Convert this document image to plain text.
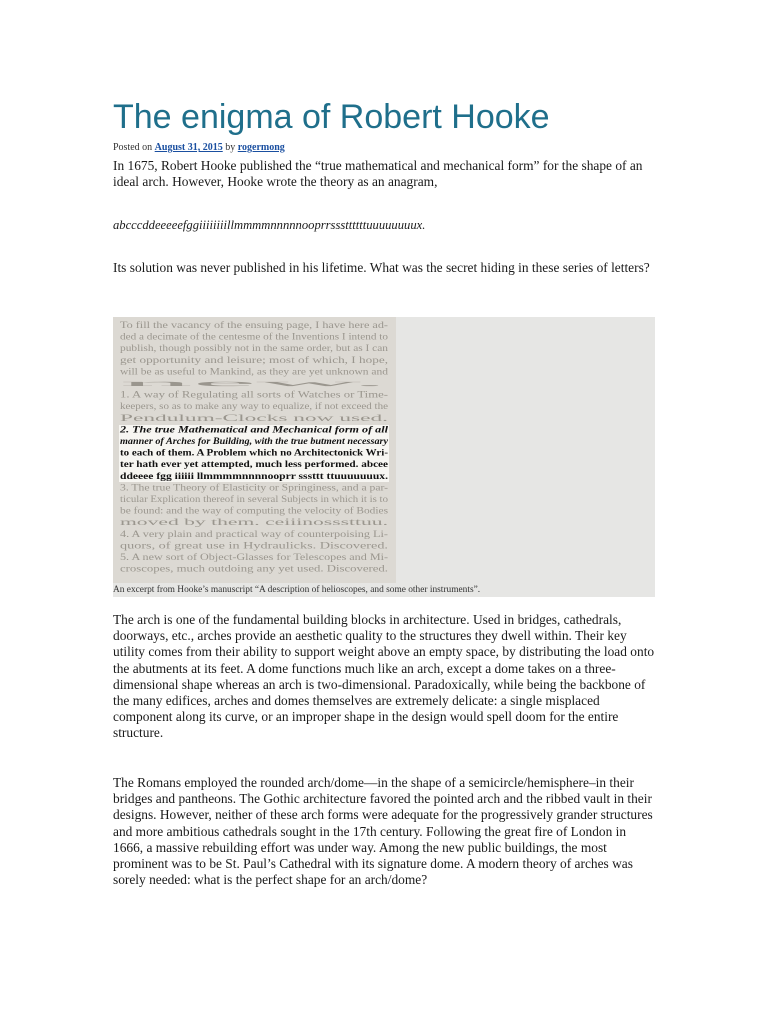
The enigma of Robert Hooke
Posted on August 31, 2015 by rogermong

In 1675, Robert Hooke published the “true mathematical and mechanical form” for the shape of an ideal arch. However, Hooke wrote the theory as an anagram,

abcccddeeeeefggiiiiiiiillmmmmnnnnnooprrsssttttttuuuuuuuux.

Its solution was never published in his lifetime. What was the secret hiding in these series of letters?

To fill the vacancy of the ensuing page, I have here ad-
ded a decimate of the centesme of the Inventions I intend to
publish, though possibly not in the same order, but as I can
get opportunity and leisure; most of which, I hope,
will be as useful to Mankind, as they are yet unknown and
new.
1. A way of Regulating all sorts of Watches or Time-
keepers, so as to make any way to equalize, if not exceed the
Pendulum-Clocks now used.
2. The true Mathematical and Mechanical form of all
manner of Arches for Building, with the true butment necessary
to each of them. A Problem which no Architectonick Wri-
ter hath ever yet attempted, much less performed. abcee
ddeeee fgg iiiiii llmmmmnnnnooprr sssttt ttuuuuuuux.
3. The true Theory of Elasticity or Springiness, and a par-
ticular Explication thereof in several Subjects in which it is to
be found: and the way of computing the velocity of Bodies
moved by them. ceiiinosssttuu.
4. A very plain and practical way of counterpoising Li-
quors, of great use in Hydraulicks. Discovered.
5. A new sort of Object-Glasses for Telescopes and Mi-
croscopes, much outdoing any yet used. Discovered.
An excerpt from Hooke’s manuscript “A description of helioscopes, and some other instruments”.

The arch is one of the fundamental building blocks in architecture. Used in bridges, cathedrals, doorways, etc., arches provide an aesthetic quality to the structures they dwell within. Their key utility comes from their ability to support weight above an empty space, by distributing the load onto the abutments at its feet. A dome functions much like an arch, except a dome takes on a three-dimensional shape whereas an arch is two-dimensional. Paradoxically, while being the backbone of the many edifices, arches and domes themselves are extremely delicate: a single misplaced component along its curve, or an improper shape in the design would spell doom for the entire structure.

The Romans employed the rounded arch/dome—in the shape of a semicircle/hemisphere–in their bridges and pantheons. The Gothic architecture favored the pointed arch and the ribbed vault in their designs. However, neither of these arch forms were adequate for the progressively grander structures and more ambitious cathedrals sought in the 17th century. Following the great fire of London in 1666, a massive rebuilding effort was under way. Among the new public buildings, the most prominent was to be St. Paul’s Cathedral with its signature dome. A modern theory of arches was sorely needed: what is the perfect shape for an arch/dome?
